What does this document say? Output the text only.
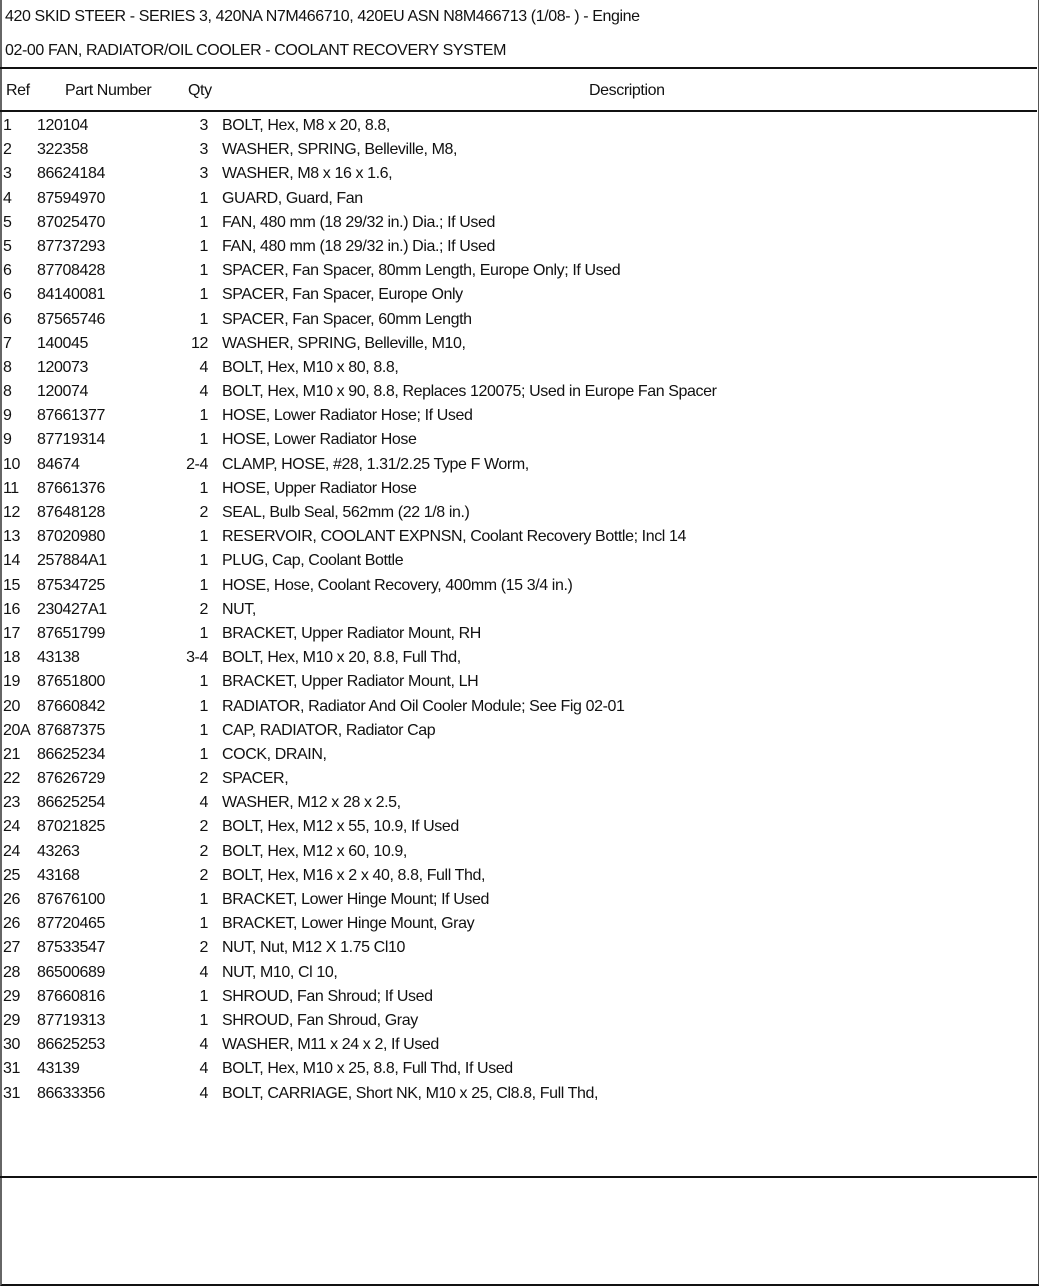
420 SKID STEER - SERIES 3, 420NA N7M466710, 420EU ASN N8M466713 (1/08- ) - Engine
02-00 FAN, RADIATOR/OIL COOLER - COOLANT RECOVERY SYSTEM
Ref Part Number Qty	Description
1 120104	3 BOLT, Hex, M8 x 20, 8.8,
2 322358	3 WASHER, SPRING, Belleville, M8,
3 86624184	3 WASHER, M8 x 16 x 1.6,
4 87594970	1 GUARD, Guard, Fan
5 87025470	1 FAN, 480 mm (18 29/32 in.) Dia.; If Used
5 87737293	1 FAN, 480 mm (18 29/32 in.) Dia.; If Used
6 87708428	1 SPACER, Fan Spacer, 80mm Length, Europe Only; If Used
6 84140081	1 SPACER, Fan Spacer, Europe Only
6 87565746	1 SPACER, Fan Spacer, 60mm Length
7 140045	12 WASHER, SPRING, Belleville, M10,
8 120073	4 BOLT, Hex, M10 x 80, 8.8,
8 120074	4 BOLT, Hex, M10 x 90, 8.8, Replaces 120075; Used in Europe Fan Spacer
9 87661377	1 HOSE, Lower Radiator Hose; If Used
9 87719314	1 HOSE, Lower Radiator Hose
10 84674	2-4 CLAMP, HOSE, #28, 1.31/2.25 Type F Worm,
11 87661376	1 HOSE, Upper Radiator Hose
12 87648128	2 SEAL, Bulb Seal, 562mm (22 1/8 in.)
13 87020980	1 RESERVOIR, COOLANT EXPNSN, Coolant Recovery Bottle; Incl 14
14 257884A1	1 PLUG, Cap, Coolant Bottle
15 87534725	1 HOSE, Hose, Coolant Recovery, 400mm (15 3/4 in.)
16 230427A1	2 NUT,
17 87651799	1 BRACKET, Upper Radiator Mount, RH
18 43138	3-4 BOLT, Hex, M10 x 20, 8.8, Full Thd,
19 87651800	1 BRACKET, Upper Radiator Mount, LH
20 87660842	1 RADIATOR, Radiator And Oil Cooler Module; See Fig 02-01
20A 87687375	1 CAP, RADIATOR, Radiator Cap
21 86625234	1 COCK, DRAIN,
22 87626729	2 SPACER,
23 86625254	4 WASHER, M12 x 28 x 2.5,
24 87021825	2 BOLT, Hex, M12 x 55, 10.9, If Used
24 43263	2 BOLT, Hex, M12 x 60, 10.9,
25 43168	2 BOLT, Hex, M16 x 2 x 40, 8.8, Full Thd,
26 87676100	1 BRACKET, Lower Hinge Mount; If Used
26 87720465	1 BRACKET, Lower Hinge Mount, Gray
27 87533547	2 NUT, Nut, M12 X 1.75 Cl10
28 86500689	4 NUT, M10, Cl 10,
29 87660816	1 SHROUD, Fan Shroud; If Used
29 87719313	1 SHROUD, Fan Shroud, Gray
30 86625253	4 WASHER, M11 x 24 x 2, If Used
31 43139	4 BOLT, Hex, M10 x 25, 8.8, Full Thd, If Used
31 86633356	4 BOLT, CARRIAGE, Short NK, M10 x 25, Cl8.8, Full Thd,
